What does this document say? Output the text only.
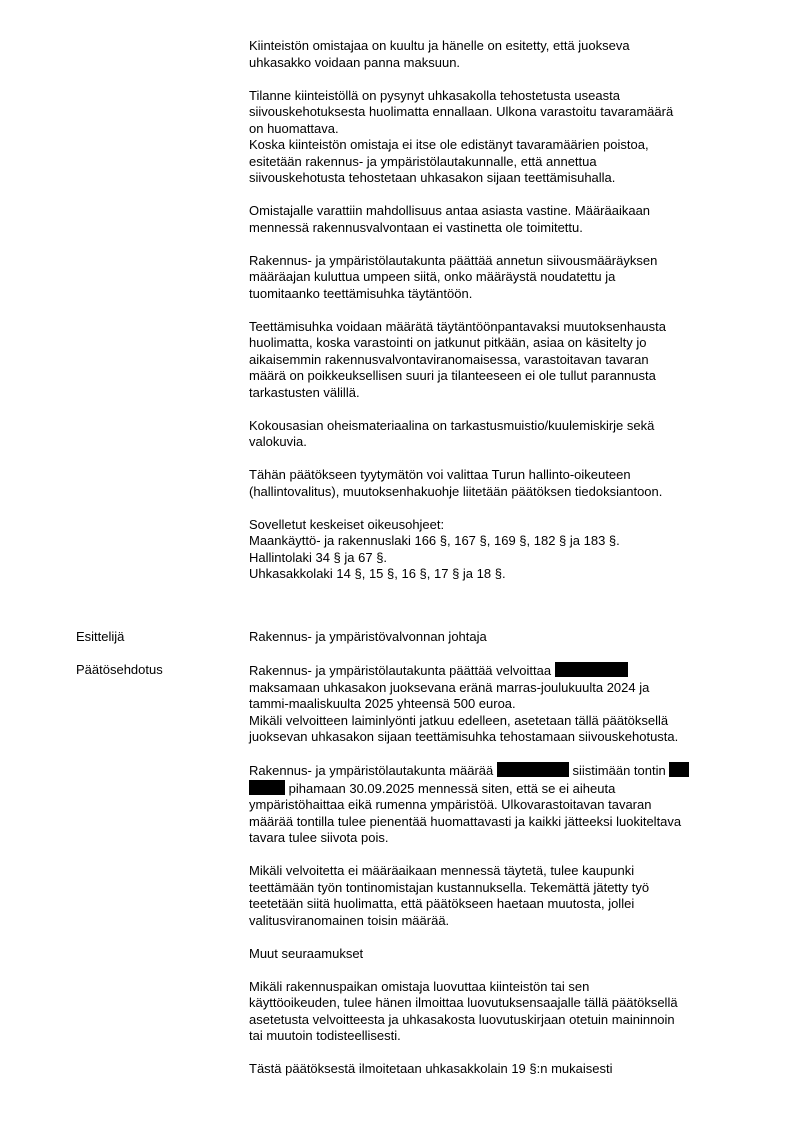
Kiinteistön omistajaa on kuultu ja hänelle on esitetty, että juokseva
uhkasakko voidaan panna maksuun.

Tilanne kiinteistöllä on pysynyt uhkasakolla tehostetusta useasta
siivouskehotuksesta huolimatta ennallaan. Ulkona varastoitu tavaramäärä
on huomattava.
Koska kiinteistön omistaja ei itse ole edistänyt tavaramäärien poistoa,
esitetään rakennus- ja ympäristölautakunnalle, että annettua
siivouskehotusta tehostetaan uhkasakon sijaan teettämisuhalla.

Omistajalle varattiin mahdollisuus antaa asiasta vastine. Määräaikaan
mennessä rakennusvalvontaan ei vastinetta ole toimitettu.

Rakennus- ja ympäristölautakunta päättää annetun siivousmääräyksen
määräajan kuluttua umpeen siitä, onko määräystä noudatettu ja
tuomitaanko teettämisuhka täytäntöön.

Teettämisuhka voidaan määrätä täytäntöönpantavaksi muutoksenhausta
huolimatta, koska varastointi on jatkunut pitkään, asiaa on käsitelty jo
aikaisemmin rakennusvalvontaviranomaisessa, varastoitavan tavaran
määrä on poikkeuksellisen suuri ja tilanteeseen ei ole tullut parannusta
tarkastusten välillä.

Kokousasian oheismateriaalina on tarkastusmuistio/kuulemiskirje sekä
valokuvia.

Tähän päätökseen tyytymätön voi valittaa Turun hallinto-oikeuteen
(hallintovalitus), muutoksenhakuohje liitetään päätöksen tiedoksiantoon.

Sovelletut keskeiset oikeusohjeet:
Maankäyttö- ja rakennuslaki 166 §, 167 §, 169 §, 182 § ja 183 §.
Hallintolaki 34 § ja 67 §.
Uhkasakkolaki 14 §, 15 §, 16 §, 17 § ja 18 §.

Esittelijä	Rakennus- ja ympäristövalvonnan johtaja
Päätösehdotus	Rakennus- ja ympäristölautakunta päättää velvoittaa
maksamaan uhkasakon juoksevana eränä marras-joulukuulta 2024 ja
tammi-maaliskuulta 2025 yhteensä 500 euroa.
Mikäli velvoitteen laiminlyönti jatkuu edelleen, asetetaan tällä päätöksellä
juoksevan uhkasakon sijaan teettämisuhka tehostamaan siivouskehotusta.

Rakennus- ja ympäristölautakunta määrää	siistimään tontin
pihamaan 30.09.2025 mennessä siten, että se ei aiheuta
ympäristöhaittaa eikä rumenna ympäristöä. Ulkovarastoitavan tavaran
määrää tontilla tulee pienentää huomattavasti ja kaikki jätteeksi luokiteltava
tavara tulee siivota pois.

Mikäli velvoitetta ei määräaikaan mennessä täytetä, tulee kaupunki
teettämään työn tontinomistajan kustannuksella. Tekemättä jätetty työ
teetetään siitä huolimatta, että päätökseen haetaan muutosta, jollei
valitusviranomainen toisin määrää.

Muut seuraamukset

Mikäli rakennuspaikan omistaja luovuttaa kiinteistön tai sen
käyttöoikeuden, tulee hänen ilmoittaa luovutuksensaajalle tällä päätöksellä
asetetusta velvoitteesta ja uhkasakosta luovutuskirjaan otetuin maininnoin
tai muutoin todisteellisesti.

Tästä päätöksestä ilmoitetaan uhkasakkolain 19 §:n mukaisesti
